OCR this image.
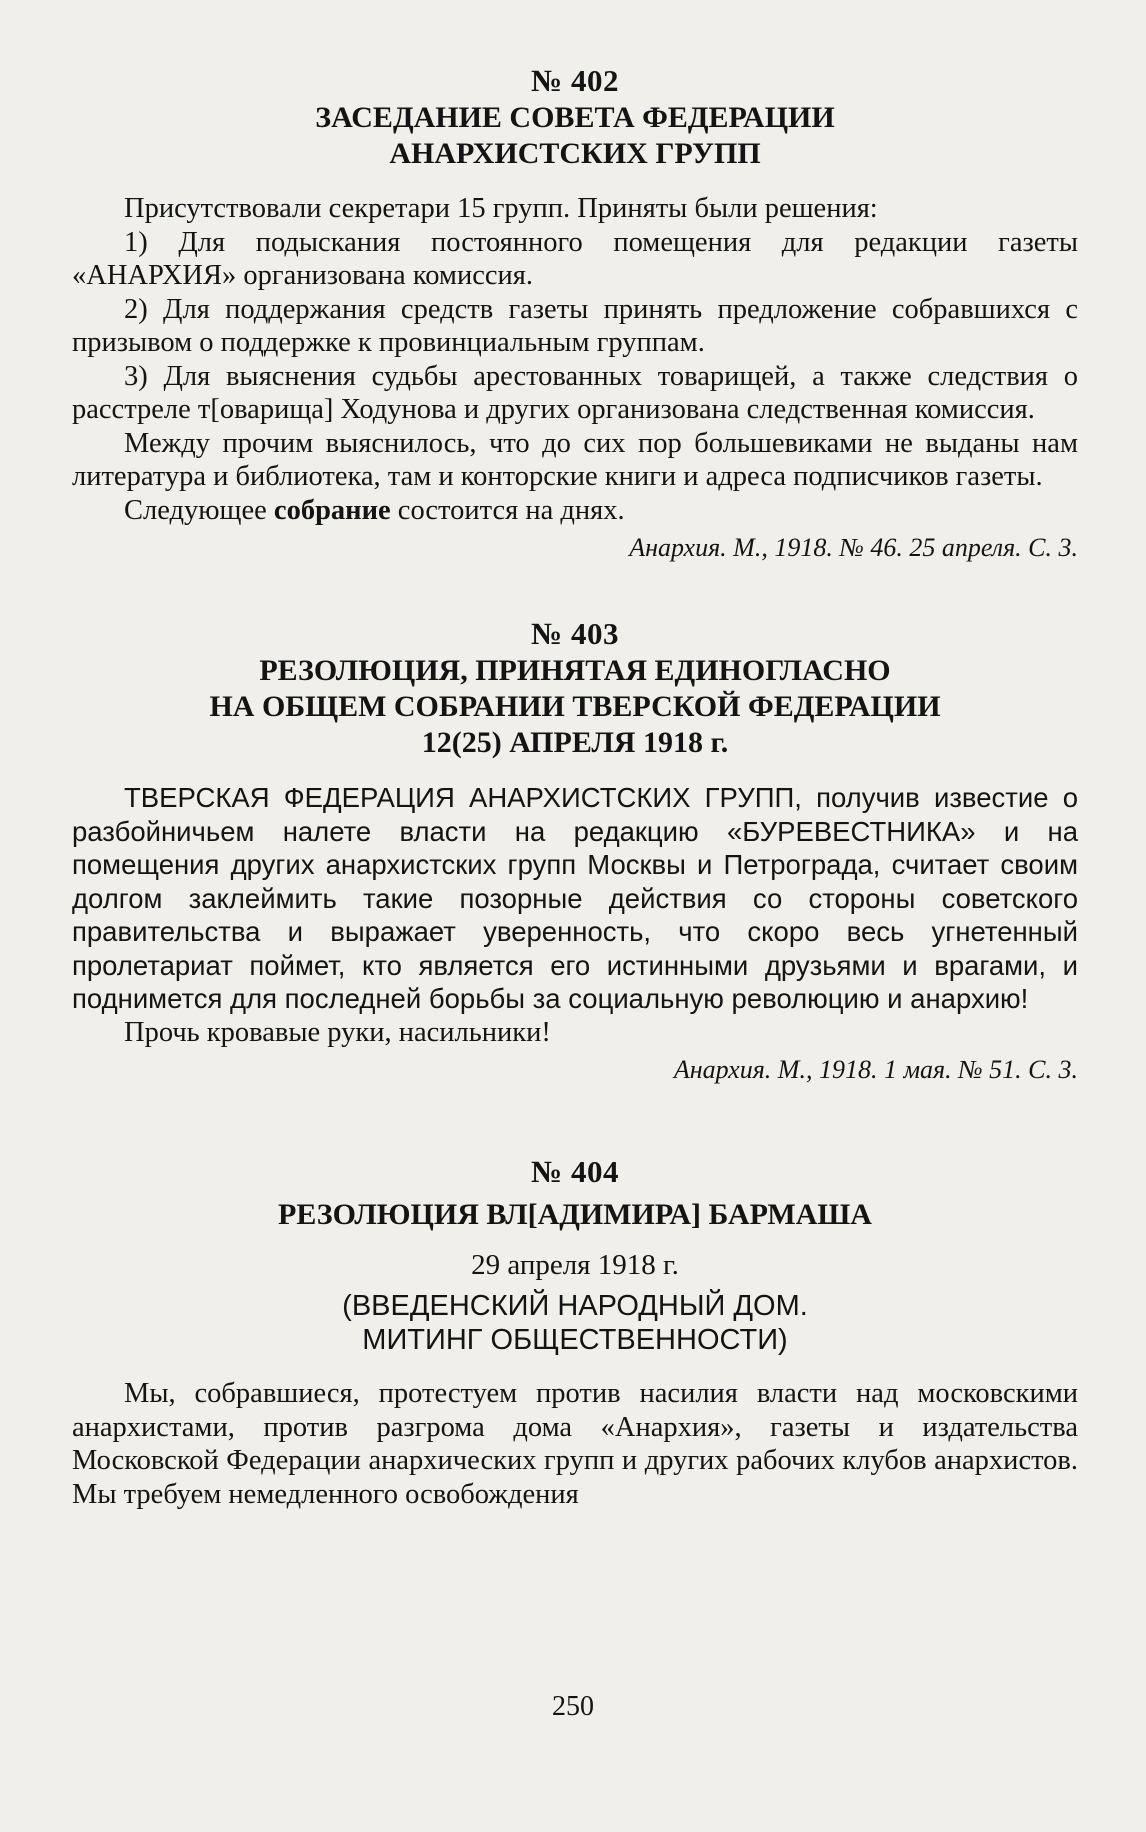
№ 402
ЗАСЕДАНИЕ СОВЕТА ФЕДЕРАЦИИ
АНАРХИСТСКИХ ГРУПП

Присутствовали секретари 15 групп. Приняты были решения:

1) Для подыскания постоянного помещения для редакции газеты «АНАРХИЯ» организована комиссия.

2) Для поддержания средств газеты принять предложение собравшихся с призывом о поддержке к провинциальным группам.

3) Для выяснения судьбы арестованных товарищей, а также следствия о расстреле т[оварища] Ходунова и других организована следственная комиссия.

Между прочим выяснилось, что до сих пор большевиками не выданы нам литература и библиотека, там и конторские книги и адреса подписчиков газеты.

Следующее собрание состоится на днях.

Анархия. М., 1918. № 46. 25 апреля. С. 3.

№ 403
РЕЗОЛЮЦИЯ, ПРИНЯТАЯ ЕДИНОГЛАСНО
НА ОБЩЕМ СОБРАНИИ ТВЕРСКОЙ ФЕДЕРАЦИИ
12(25) АПРЕЛЯ 1918 г.

ТВЕРСКАЯ ФЕДЕРАЦИЯ АНАРХИСТСКИХ ГРУПП, получив известие о разбойничьем налете власти на редакцию «БУРЕВЕСТНИКА» и на помещения других анархистских групп Москвы и Петрограда, считает своим долгом заклеймить такие позорные действия со стороны советского правительства и выражает уверенность, что скоро весь угнетенный пролетариат поймет, кто является его истинными друзьями и врагами, и поднимется для последней борьбы за социальную революцию и анархию!

Прочь кровавые руки, насильники!

Анархия. М., 1918. 1 мая. № 51. С. 3.

№ 404
РЕЗОЛЮЦИЯ ВЛ[АДИМИРА] БАРМАША
29 апреля 1918 г.
(ВВЕДЕНСКИЙ НАРОДНЫЙ ДОМ.
МИТИНГ ОБЩЕСТВЕННОСТИ)

Мы, собравшиеся, протестуем против насилия власти над московскими анархистами, против разгрома дома «Анархия», газеты и издательства Московской Федерации анархических групп и других рабочих клубов анархистов. Мы требуем немедленного освобождения

250
